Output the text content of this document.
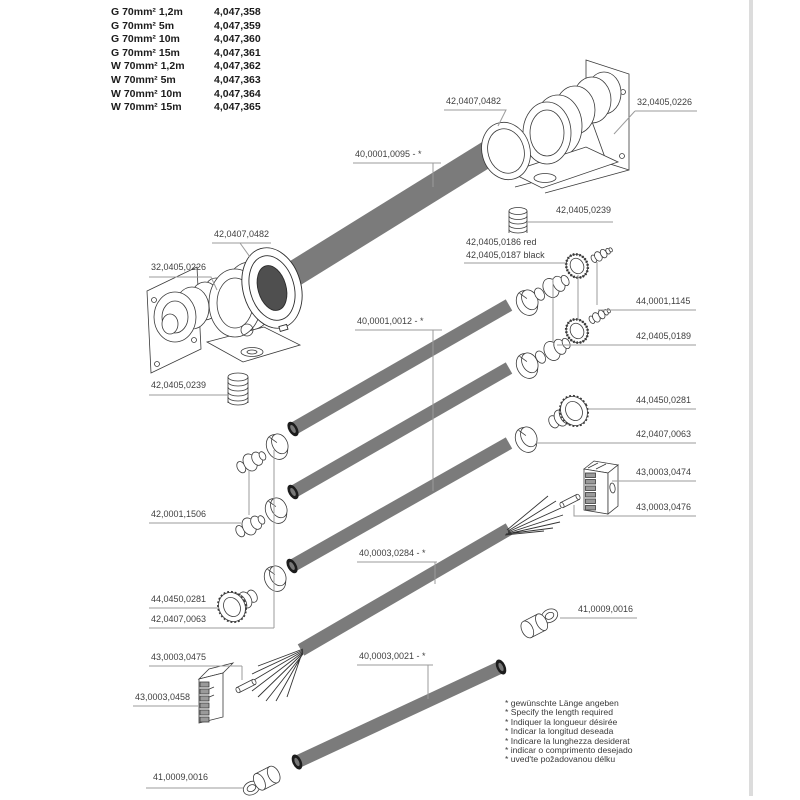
G 70mm² 1,2m	4,047,358
G 70mm² 5m	4,047,359
G 70mm² 10m	4,047,360
G 70mm² 15m	4,047,361
W 70mm² 1,2m	4,047,362
W 70mm² 5m	4,047,363
W 70mm² 10m	4,047,364
W 70mm² 15m	4,047,365
40,0001,0095 - *
42,0407,0482	32,0405,0226
42,0405,0239
42,0405,0186 red
42,0405,0187 black
42,0407,0482
32,0405,0226
42,0405,0239
40,0001,0012 - *
44,0001,1145
42,0405,0189
44,0450,0281
42,0407,0063
43,0003,0474
43,0003,0476
42,0001,1506
44,0450,0281
42,0407,0063
40,0003,0284 - *
41,0009,0016
40,0003,0021 - *
43,0003,0475
43,0003,0458
41,0009,0016
* gewünschte Länge angeben
* Specify the length required
* Indiquer la longueur désirée
* Indicar la longitud deseada
* Indicare la lunghezza desiderat
* indicar o comprimento desejado
* uved'te požadovanou délku
